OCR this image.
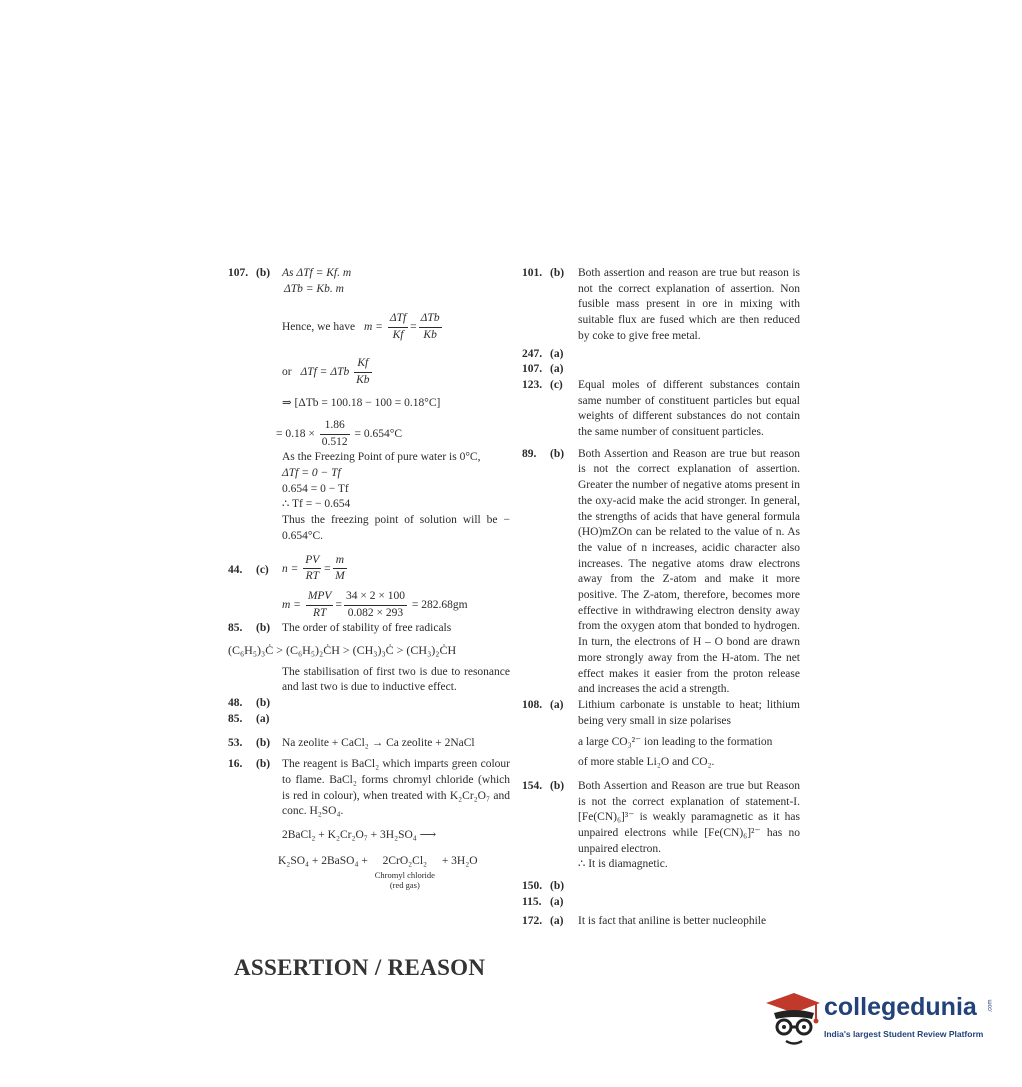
107. (b)	As ΔTf = Kf. m
ΔTb = Kb. m
Hence, we have $m = \frac{\text{ΔTf}}{Kf} = \frac{\text{ΔTb}}{Kb}$
or ΔTf = ΔTb $\frac{Kf}{Kb}$
⇒ [ΔTb = 100.18 − 100 = 0.18°C]
= $0.18 \times \frac{1.86}{0.512} = 0.654^\circ C$
As the Freezing Point of pure water is 0°C,
ΔTf = 0 − Tf
0.654 = 0 − Tf
∴ Tf = − 0.654
Thus the freezing point of solution will be − 0.654°C.
44. (c)	$n = \frac{PV}{RT} = \frac{m}{M}$
$m = \frac{\text{MPV}}{RT} = \frac{34 \times 2 \times 100}{0.082 \times 293} = 282.68gm$
85. (b)	The order of stability of free radicals
(C₆H₅)₃Ċ > (C₆H₅)₂ĊH > (CH₃)₃Ċ > (CH₃)₂ĊH
The stabilisation of first two is due to resonance and last two is due to inductive effect.
48. (b)

85. (a)

53. (b)	Na zeolite + CaCl₂ → Ca zeolite + 2NaCl
16. (b)	The reagent is BaCl₂ which imparts green colour to flame. BaCl₂ forms chromyl chloride (which is red in colour), when treated with K₂Cr₂O₇ and conc. H₂SO₄.
2BaCl₂ + K₂Cr₂O₇ + 3H₂SO₄ ⟶
K₂SO₄ + 2BaSO₄ + 2CrO₂Cl₂
Chromyl chloride
(red gas)
+ 3H₂O
ASSERTION / REASON
101. (b)	Both assertion and reason are true but reason is not the correct explanation of assertion. Non fusible mass present in ore in mixing with suitable flux are fused which are then reduced by coke to give free metal.
247. (a)

107. (a)

123. (c)	Equal moles of different substances contain same number of constituent particles but equal weights of different substances do not contain the same number of consituent particles.
89. (b)	Both Assertion and Reason are true but reason is not the correct explanation of assertion. Greater the number of negative atoms present in the oxy-acid make the acid stronger. In general, the strengths of acids that have general formula (HO)mZOn can be related to the value of n. As the value of n increases, acidic character also increases. The negative atoms draw electrons away from the Z-atom and make it more positive. The Z-atom, therefore, becomes more effective in withdrawing electron density away from the oxygen atom that bonded to hydrogen. In turn, the electrons of H – O bond are drawn more strongly away from the H-atom. The net effect makes it easier from the proton release and increases the acid a strength.
108. (a)	Lithium carbonate is unstable to heat; lithium being very small in size polarises
a large CO₃²⁻ ion leading to the formation
of more stable Li₂O and CO₂.
154. (b)	Both Assertion and Reason are true but Reason is not the correct explanation of statement-I. [Fe(CN)₆]³⁻ is weakly paramagnetic as it has unpaired electrons while [Fe(CN)₆]²⁻ has no unpaired electron.
∴ It is diamagnetic.
150. (b)

115. (a)

172. (a)	It is fact that aniline is better nucleophile
collegedunia .com
India's largest Student Review Platform
